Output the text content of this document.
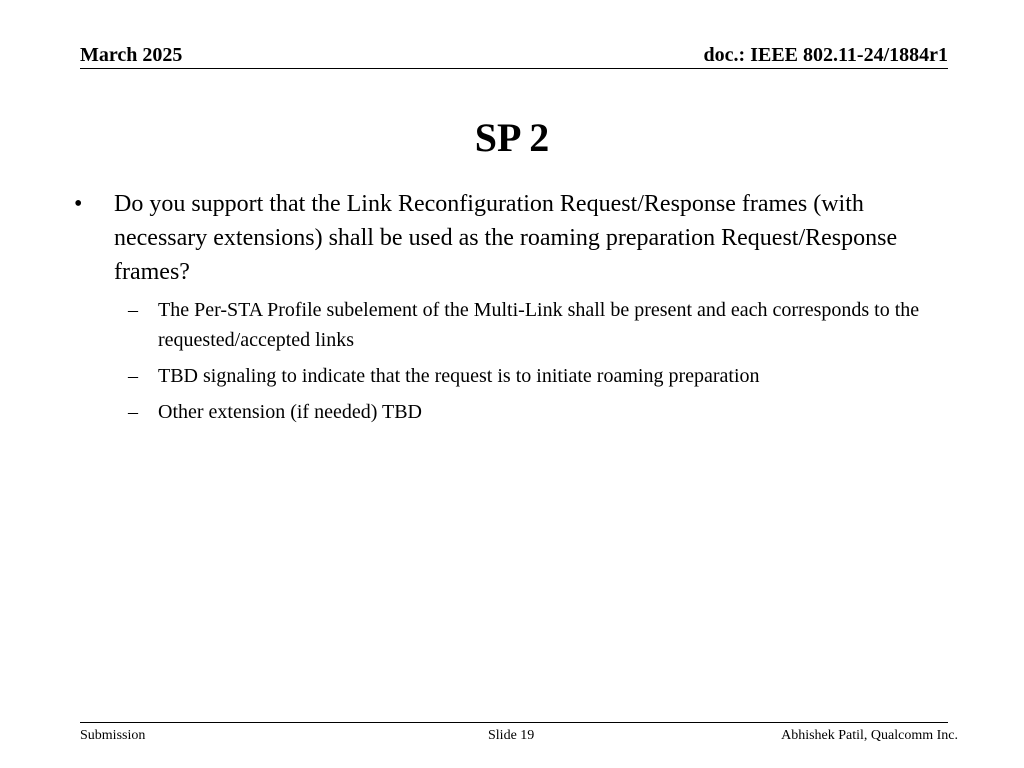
March 2025	doc.: IEEE 802.11-24/1884r1
SP 2
• Do you support that the Link Reconfiguration Request/Response frames (with necessary extensions) shall be used as the roaming preparation Request/Response frames?
– The Per-STA Profile subelement of the Multi-Link shall be present and each corresponds to the requested/accepted links
– TBD signaling to indicate that the request is to initiate roaming preparation
– Other extension (if needed) TBD
Submission	Slide 19	Abhishek Patil, Qualcomm Inc.
